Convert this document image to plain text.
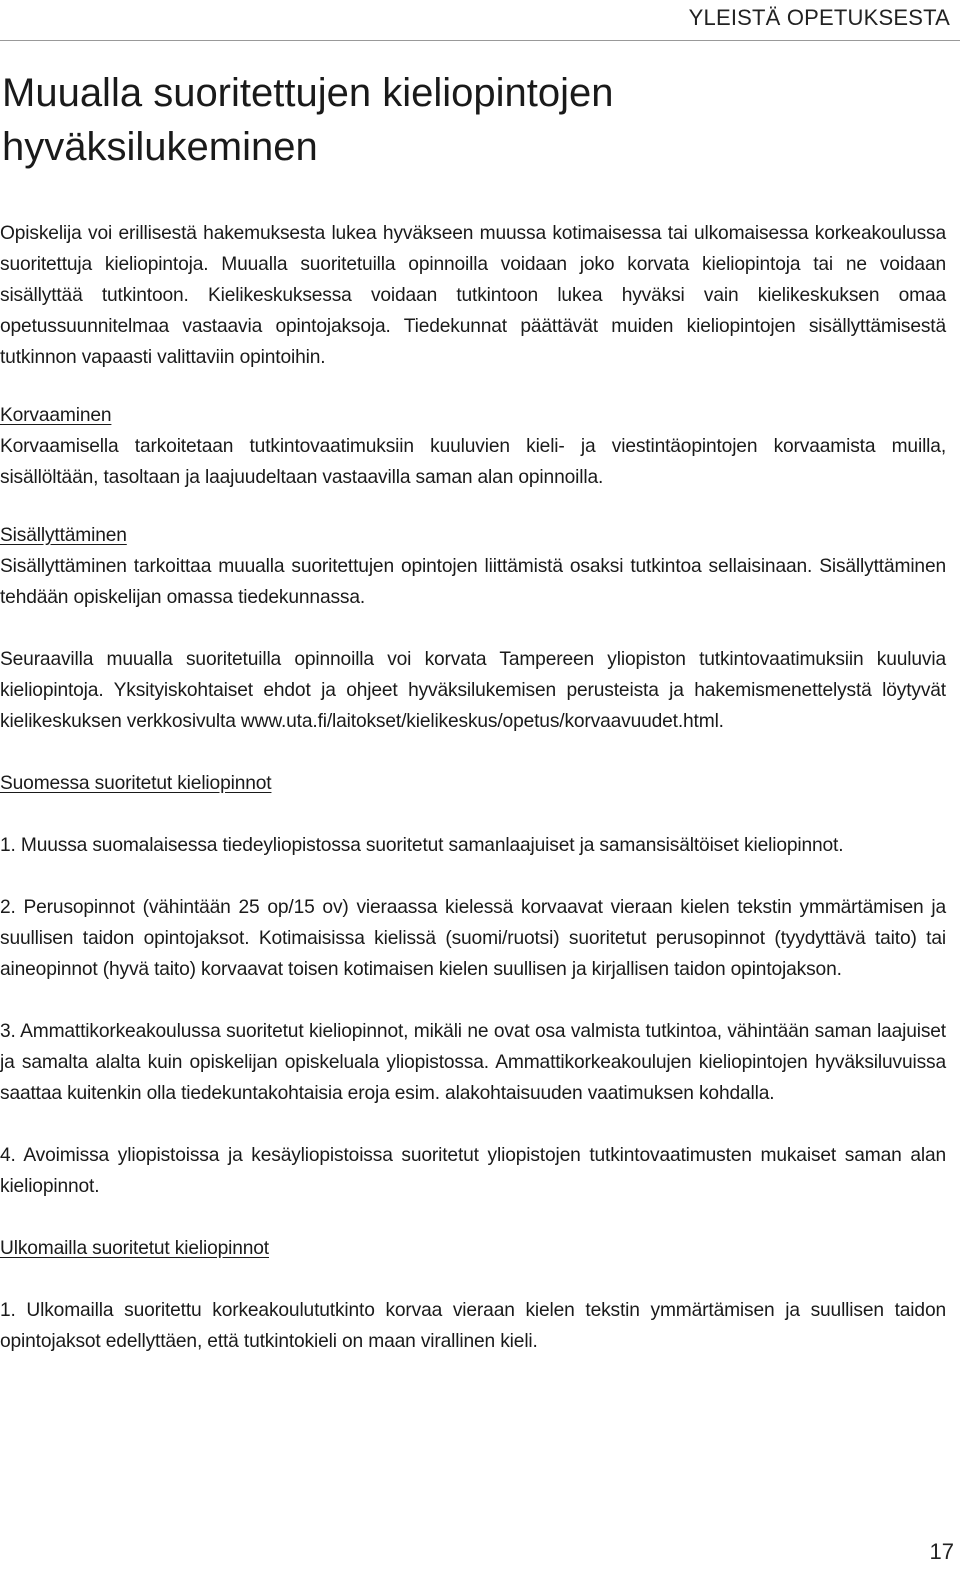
YLEISTÄ OPETUKSESTA
Muualla suoritettujen kieliopintojen
hyväksilukeminen

Opiskelija voi erillisestä hakemuksesta lukea hyväkseen muussa kotimaisessa tai ulkomaisessa korkeakoulussa suoritettuja kieliopintoja. Muualla suoritetuilla opinnoilla voidaan joko korvata kieliopintoja tai ne voidaan sisällyttää tutkintoon. Kielikeskuksessa voidaan tutkintoon lukea hyväksi vain kielikeskuksen omaa opetussuunnitelmaa vastaavia opintojaksoja. Tiedekunnat päättävät muiden kieliopintojen sisällyttämisestä tutkinnon vapaasti valittaviin opintoihin.

Korvaaminen

Korvaamisella tarkoitetaan tutkintovaatimuksiin kuuluvien kieli- ja viestintäopintojen korvaamista muilla, sisällöltään, tasoltaan ja laajuudeltaan vastaavilla saman alan opinnoilla.

Sisällyttäminen

Sisällyttäminen tarkoittaa muualla suoritettujen opintojen liittämistä osaksi tutkintoa sellaisinaan. Sisällyttäminen tehdään opiskelijan omassa tiedekunnassa.

Seuraavilla muualla suoritetuilla opinnoilla voi korvata Tampereen yliopiston tutkintovaatimuksiin kuuluvia kieliopintoja. Yksityiskohtaiset ehdot ja ohjeet hyväksilukemisen perusteista ja hakemismenettelystä löytyvät kielikeskuksen verkkosivulta www.uta.fi/laitokset/kielikeskus/opetus/korvaavuudet.html.

Suomessa suoritetut kieliopinnot

1. Muussa suomalaisessa tiedeyliopistossa suoritetut samanlaajuiset ja samansisältöiset kieliopinnot.

2. Perusopinnot (vähintään 25 op/15 ov) vieraassa kielessä korvaavat vieraan kielen tekstin ymmärtämisen ja suullisen taidon opintojaksot. Kotimaisissa kielissä (suomi/ruotsi) suoritetut perusopinnot (tyydyttävä taito) tai aineopinnot (hyvä taito) korvaavat toisen kotimaisen kielen suullisen ja kirjallisen taidon opintojakson.

3. Ammattikorkeakoulussa suoritetut kieliopinnot, mikäli ne ovat osa valmista tutkintoa, vähintään saman laajuiset ja samalta alalta kuin opiskelijan opiskeluala yliopistossa. Ammattikorkeakoulujen kieliopintojen hyväksiluvuissa saattaa kuitenkin olla tiedekuntakohtaisia eroja esim. alakohtaisuuden vaatimuksen kohdalla.

4. Avoimissa yliopistoissa ja kesäyliopistoissa suoritetut yliopistojen tutkintovaatimusten mukaiset saman alan kieliopinnot.

Ulkomailla suoritetut kieliopinnot

1. Ulkomailla suoritettu korkeakoulututkinto korvaa vieraan kielen tekstin ymmärtämisen ja suullisen taidon opintojaksot edellyttäen, että tutkintokieli on maan virallinen kieli.

17
